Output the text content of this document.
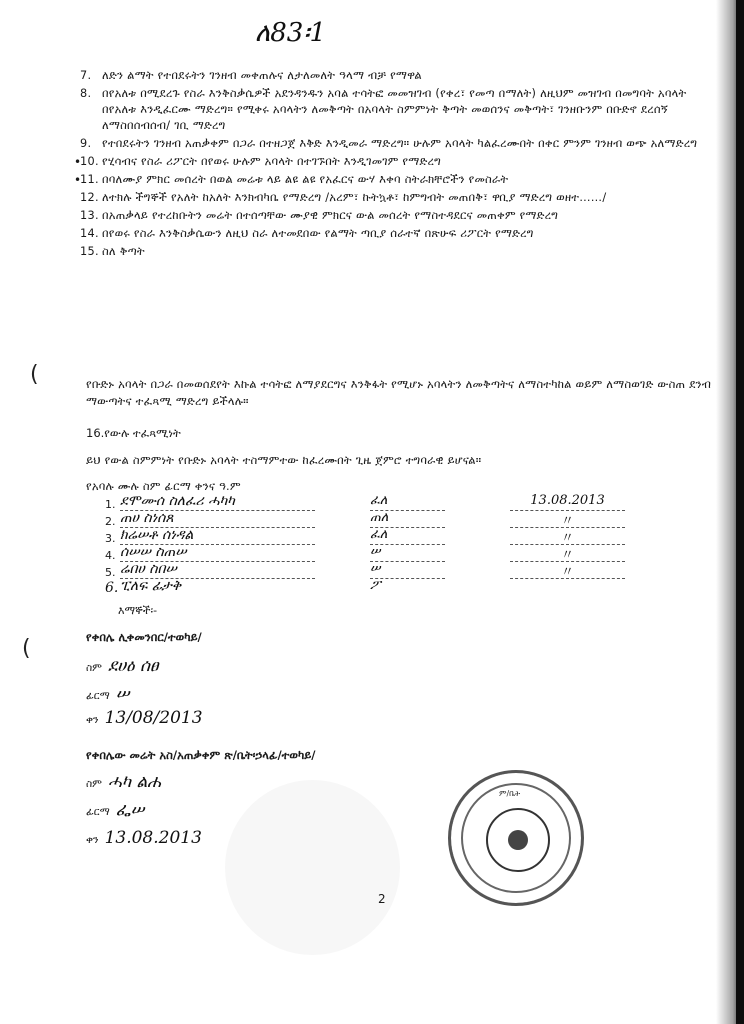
ለ83፡1
7. ለድን ልማት የተበደሩትን ገንዘብ መቀጠሉና ለታለመለት ዓላማ ብቻ የማዋል
8. በየአለቱ በሚደረጉ የስራ እንቅስቃሴዎች አደንዳንዱን አባል ተሳትፎ መመዝገብ (የቀረ፣ የመጣ በማለት) ለዚህም መዝገብ በመግባት አባላት በየአለቱ እንዲፈርሙ ማድረግ። የሚቀሩ አባላትን ለመቅጣት በአባላት ስምምነት ቅጣት መወሰንና መቅጣት፣ ገንዘቡንም በቡድኖ ደረሰኝ ለማስበሰብሰብ/ ገቢ ማድረግ
9. የተበደሩትን ገንዘብ አጠቃቀም በጋራ በተዘጋጀ እቅድ እንዲመራ ማድረግ። ሁሉም አባላት ካልፈረሙበት በቀር ምንም ገንዘብ ወጭ አለማድረግ
•
10. የሂሳብና የስራ ሪፖርት በየወሩ ሁሉም አባላት በተገኙበት እንዲገመገም የማድረግ
•
11. በባለሙያ ምክር መሰረት በወል መሬቱ ላይ ልዩ ልዩ የአፈርና ውሃ እቀባ ስትራክቸሮችን የመስራት
12. ለተክሉ ችግኞች የአለት ከአለት እንክብካቤ የማድረግ /አረም፣ ኩትኳቶ፣ ከምግብት መጠበቅ፣ ዋቢያ ማድረግ ወዘተ……/
13. በአጠቃላይ የተረከቡትን መሬት በተሰጣቸው ሙያዊ ምክርና ውል መሰረት የማስተዳደርና መጠቀም የማድረግ
14. በየወሩ የስራ እንቅስቃሴውን ለዚህ ስራ ለተመደበው የልማት ጣቢያ ሰራተኛ በጽሁፍ ሪፖርት የማድረግ
15. ስለ ቅጣት
(
(

የቡድኑ አባላት በጋራ በመወሰደየት እኩል ተሳትፎ ለማያደርግና እንቅፋት የሚሆኑ አባላትን ለመቅጣትና ለማስተካከል ወይም ለማስወገድ ውስጠ ደንብ ማውጣትና ተፈጻሚ ማድረግ ይችላሉ።

16.የውሉ ተፈጻሚነት

ይህ የውል ስምምነት የቡድኑ አባላት ተስማምተው ከፈረሙበት ጊዜ ጀምሮ ተግባራዊ ይሆናል።

የአባሉ ሙሉ ስም ፊርማ ቀንና ዓ.ም

1. ደሞሙሰ ስለፈሪ ሓካካ	ፈለ	13.08.2013
2. ጠሀ ስነሰጸ	ጠለ	〃
3. ክሬሠቶ ሰነዳል	ፈለ	〃
4. ሰሠሠ ስጠሠ	ሠ	〃
5. ሬበሀ ስበሠ	ሠ	〃
6. ፒለፍ ፊታቅ	ፖ
እማኞች፡-
የቀበሌ ሊቀመንበር/ተወካይ/
ስም ደሀዕ ሰፀ
ፊርማ ሠ
ቀን 13/08/2013
የቀበሌው መሬት አስ/አጠቃቀም ጽ/ቤት፡ኃላፊ/ተወካይ/
ስም ሓካ ልሐ
ፊርማ ፌሠ
ቀን 13.08.2013
ም/ቤት
2
